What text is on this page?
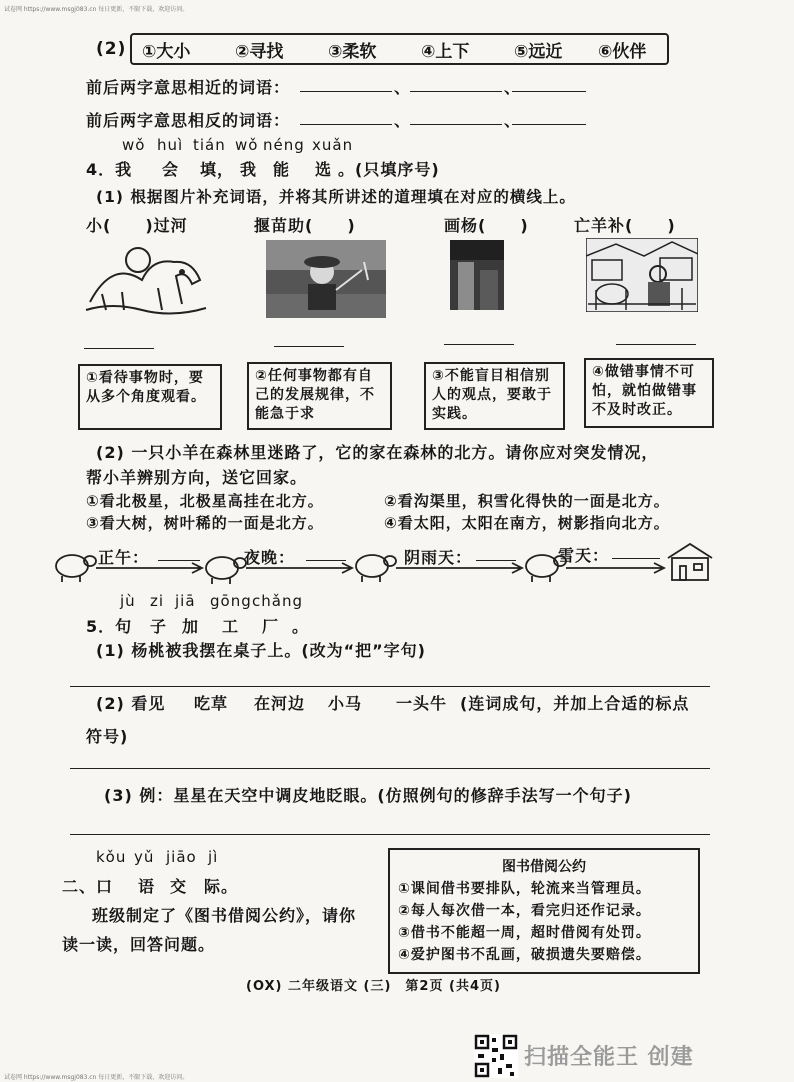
试卷网 https://www.msgj083.cn 每日更新，不限下载，欢迎访问。
(2) ①大小	②寻找	③柔软	④上下	⑤远近 ⑥伙伴
前后两字意思相近的词语：	、	、
前后两字意思相反的词语：	、	、
wǒ huì tián wǒ néng xuǎn
4．我 会 填， 我 能 选 。(只填序号)
(1) 根据图片补充词语，并将其所讲述的道理填在对应的横线上。
小(　　)过河	揠苗助(　　)	画杨(　　)	亡羊补(　　)
①看待事物时，要从多个角度观看。
②任何事物都有自己的发展规律，不能急于求
③不能盲目相信别人的观点，要敢于实践。
④做错事情不可怕，就怕做错事不及时改正。
(2) 一只小羊在森林里迷路了，它的家在森林的北方。请你应对突发情况，
帮小羊辨别方向，送它回家。
①看北极星，北极星高挂在北方。	②看沟渠里，积雪化得快的一面是北方。
③看大树，树叶稀的一面是北方。	④看太阳，太阳在南方，树影指向北方。
正午：	夜晚：	阴雨天：	雪天：
jù zi jiā gōng chǎng
5．句 子 加 工 厂 。
(1) 杨桃被我摆在桌子上。(改为“把”字句)
(2) 看见 吃草 在河边 小马 一头牛 (连词成句，并加上合适的标点
符号)
(3) 例：星星在天空中调皮地眨眼。(仿照例句的修辞手法写一个句子)
kǒu yǔ jiāo jì
二、口 语 交 际。
班级制定了《图书借阅公约》，请你
读一读，回答问题。
图书借阅公约
①课间借书要排队，轮流来当管理员。
②每人每次借一本，看完归还作记录。
③借书不能超一周，超时借阅有处罚。
④爱护图书不乱画，破损遗失要赔偿。
(OX) 二年级语文 (三)　第2页 (共4页)
扫描全能王 创建
试卷网 https://www.msgj083.cn 每日更新，不限下载，欢迎访问。
